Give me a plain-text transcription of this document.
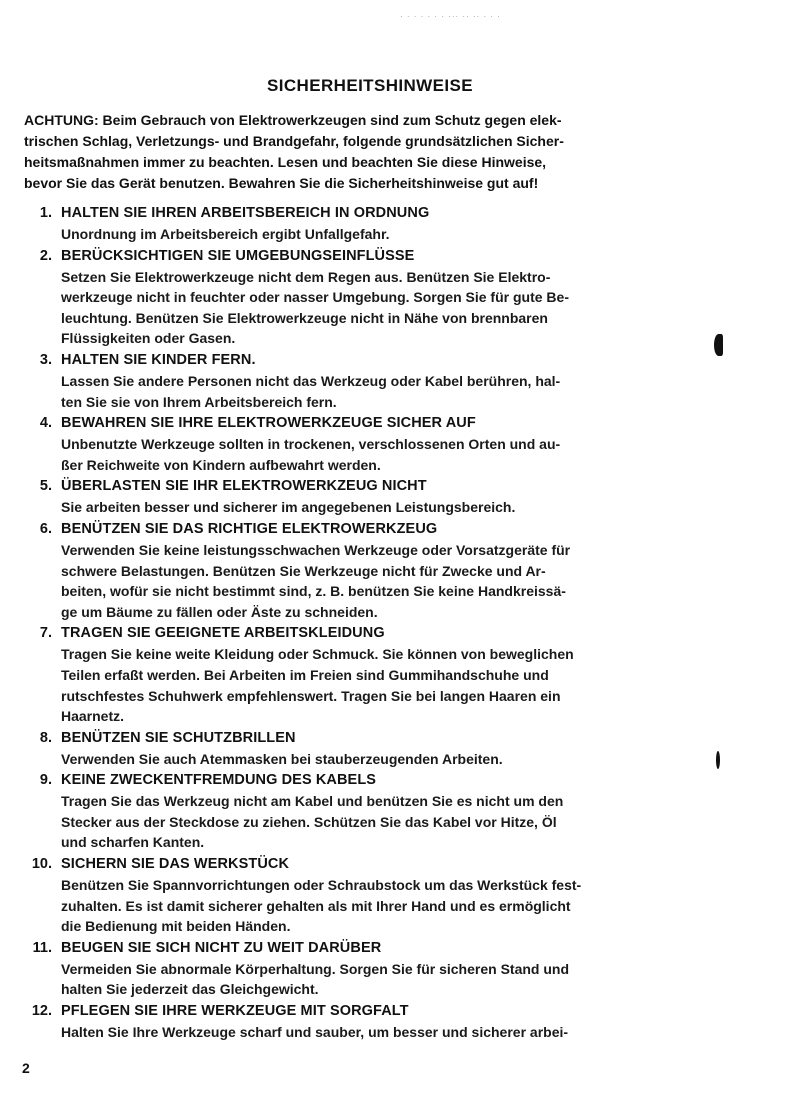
· · · · · · · ··· ·· ·· · · ·
SICHERHEITSHINWEISE
ACHTUNG: Beim Gebrauch von Elektrowerkzeugen sind zum Schutz gegen elek-
trischen Schlag, Verletzungs- und Brandgefahr, folgende grundsätzlichen Sicher-
heitsmaßnahmen immer zu beachten. Lesen und beachten Sie diese Hinweise,
bevor Sie das Gerät benutzen. Bewahren Sie die Sicherheitshinweise gut auf!
1. HALTEN SIE IHREN ARBEITSBEREICH IN ORDNUNG
Unordnung im Arbeitsbereich ergibt Unfallgefahr.
2. BERÜCKSICHTIGEN SIE UMGEBUNGSEINFLÜSSE
Setzen Sie Elektrowerkzeuge nicht dem Regen aus. Benützen Sie Elektro-
werkzeuge nicht in feuchter oder nasser Umgebung. Sorgen Sie für gute Be-
leuchtung. Benützen Sie Elektrowerkzeuge nicht in Nähe von brennbaren
Flüssigkeiten oder Gasen.
3. HALTEN SIE KINDER FERN.
Lassen Sie andere Personen nicht das Werkzeug oder Kabel berühren, hal-
ten Sie sie von Ihrem Arbeitsbereich fern.
4. BEWAHREN SIE IHRE ELEKTROWERKZEUGE SICHER AUF
Unbenutzte Werkzeuge sollten in trockenen, verschlossenen Orten und au-
ßer Reichweite von Kindern aufbewahrt werden.
5. ÜBERLASTEN SIE IHR ELEKTROWERKZEUG NICHT
Sie arbeiten besser und sicherer im angegebenen Leistungsbereich.
6. BENÜTZEN SIE DAS RICHTIGE ELEKTROWERKZEUG
Verwenden Sie keine leistungsschwachen Werkzeuge oder Vorsatzgeräte für
schwere Belastungen. Benützen Sie Werkzeuge nicht für Zwecke und Ar-
beiten, wofür sie nicht bestimmt sind, z. B. benützen Sie keine Handkreissä-
ge um Bäume zu fällen oder Äste zu schneiden.
7. TRAGEN SIE GEEIGNETE ARBEITSKLEIDUNG
Tragen Sie keine weite Kleidung oder Schmuck. Sie können von beweglichen
Teilen erfaßt werden. Bei Arbeiten im Freien sind Gummihandschuhe und
rutschfestes Schuhwerk empfehlenswert. Tragen Sie bei langen Haaren ein
Haarnetz.
8. BENÜTZEN SIE SCHUTZBRILLEN
Verwenden Sie auch Atemmasken bei stauberzeugenden Arbeiten.
9. KEINE ZWECKENTFREMDUNG DES KABELS
Tragen Sie das Werkzeug nicht am Kabel und benützen Sie es nicht um den
Stecker aus der Steckdose zu ziehen. Schützen Sie das Kabel vor Hitze, Öl
und scharfen Kanten.
10. SICHERN SIE DAS WERKSTÜCK
Benützen Sie Spannvorrichtungen oder Schraubstock um das Werkstück fest-
zuhalten. Es ist damit sicherer gehalten als mit Ihrer Hand und es ermöglicht
die Bedienung mit beiden Händen.
11. BEUGEN SIE SICH NICHT ZU WEIT DARÜBER
Vermeiden Sie abnormale Körperhaltung. Sorgen Sie für sicheren Stand und
halten Sie jederzeit das Gleichgewicht.
12. PFLEGEN SIE IHRE WERKZEUGE MIT SORGFALT
Halten Sie Ihre Werkzeuge scharf und sauber, um besser und sicherer arbei-
2
